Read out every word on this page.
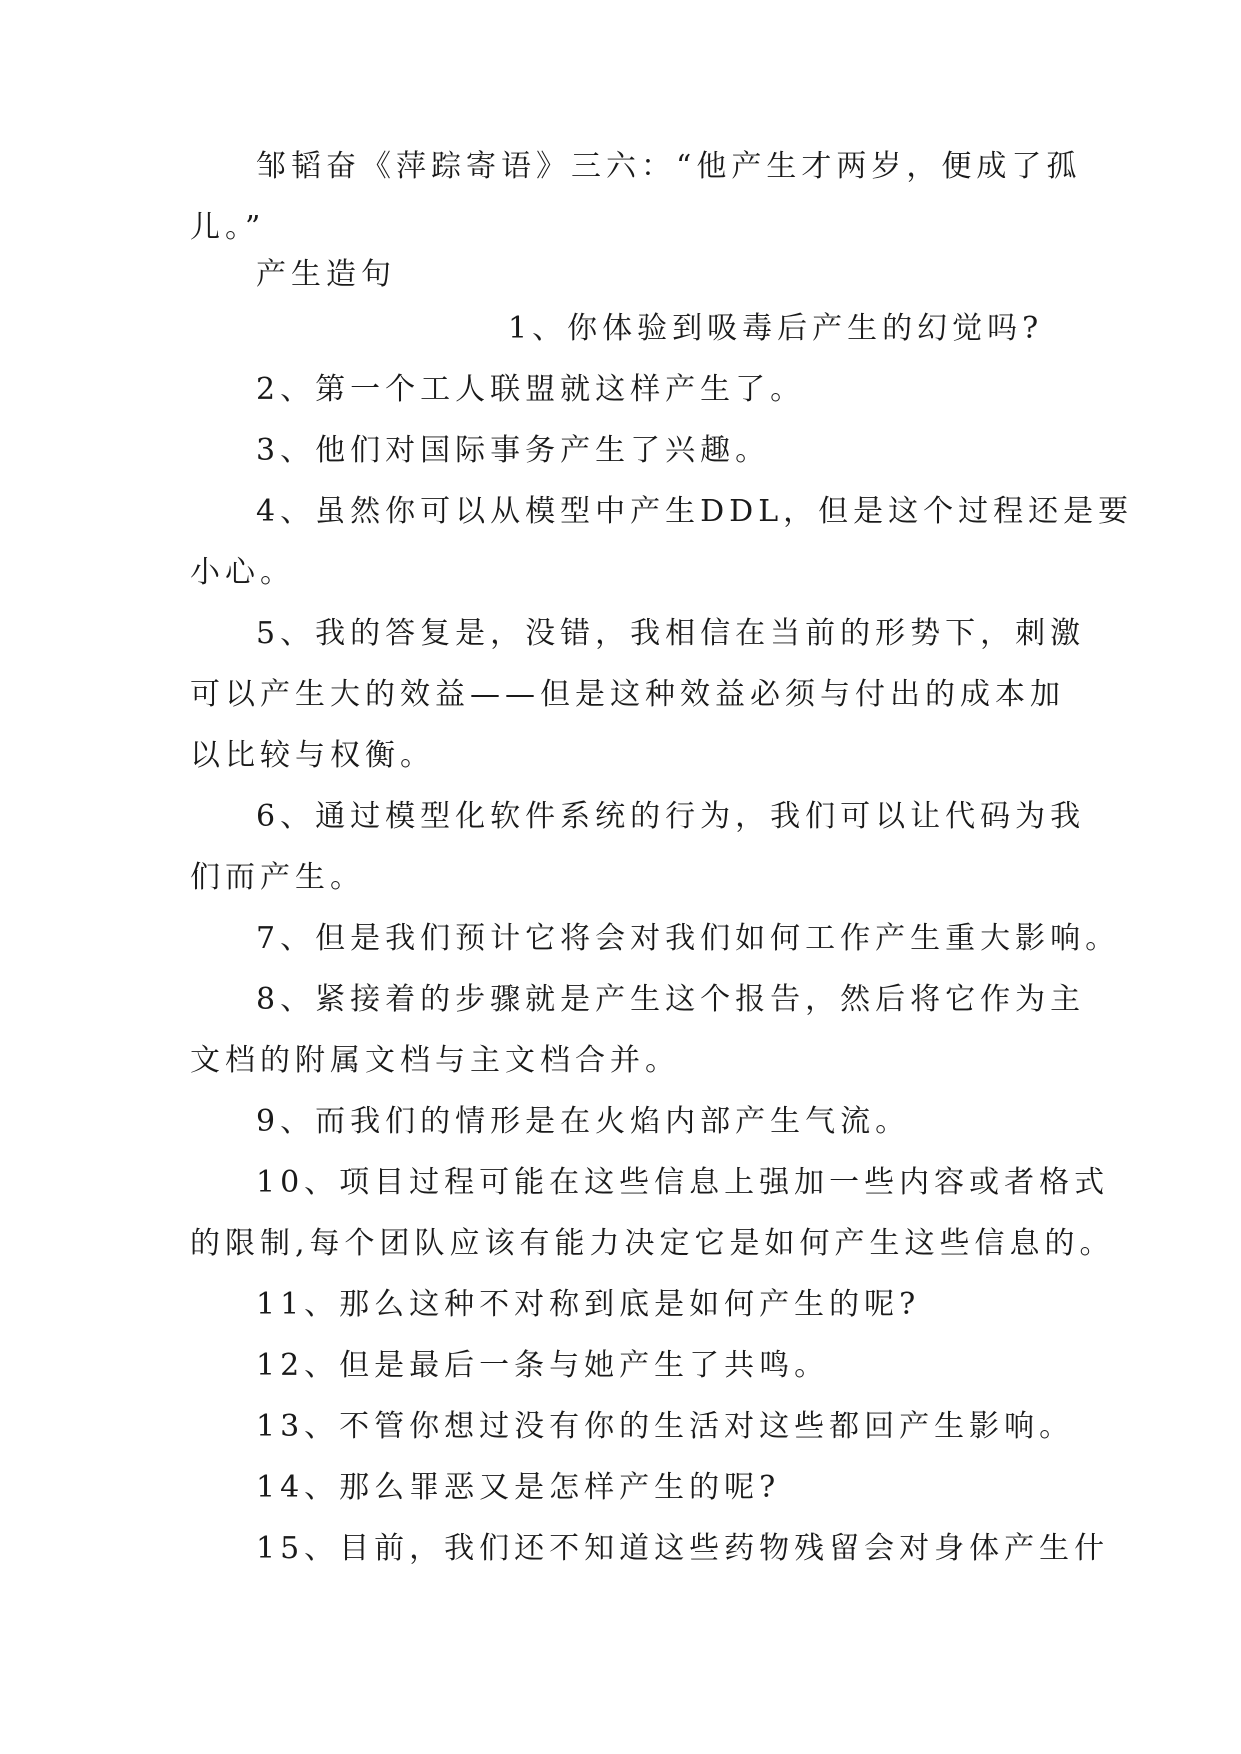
邹韬奋《萍踪寄语》三六：“他产生才两岁，便成了孤
儿。”
产生造句
1、你体验到吸毒后产生的幻觉吗?
2、第一个工人联盟就这样产生了。
3、他们对国际事务产生了兴趣。
4、虽然你可以从模型中产生DDL，但是这个过程还是要
小心。
5、我的答复是，没错，我相信在当前的形势下，刺激
可以产生大的效益——但是这种效益必须与付出的成本加
以比较与权衡。
6、通过模型化软件系统的行为，我们可以让代码为我
们而产生。
7、但是我们预计它将会对我们如何工作产生重大影响。
8、紧接着的步骤就是产生这个报告，然后将它作为主
文档的附属文档与主文档合并。
9、而我们的情形是在火焰内部产生气流。
10、项目过程可能在这些信息上强加一些内容或者格式
的限制,每个团队应该有能力决定它是如何产生这些信息的。
11、那么这种不对称到底是如何产生的呢?
12、但是最后一条与她产生了共鸣。
13、不管你想过没有你的生活对这些都回产生影响。
14、那么罪恶又是怎样产生的呢?
15、目前，我们还不知道这些药物残留会对身体产生什
